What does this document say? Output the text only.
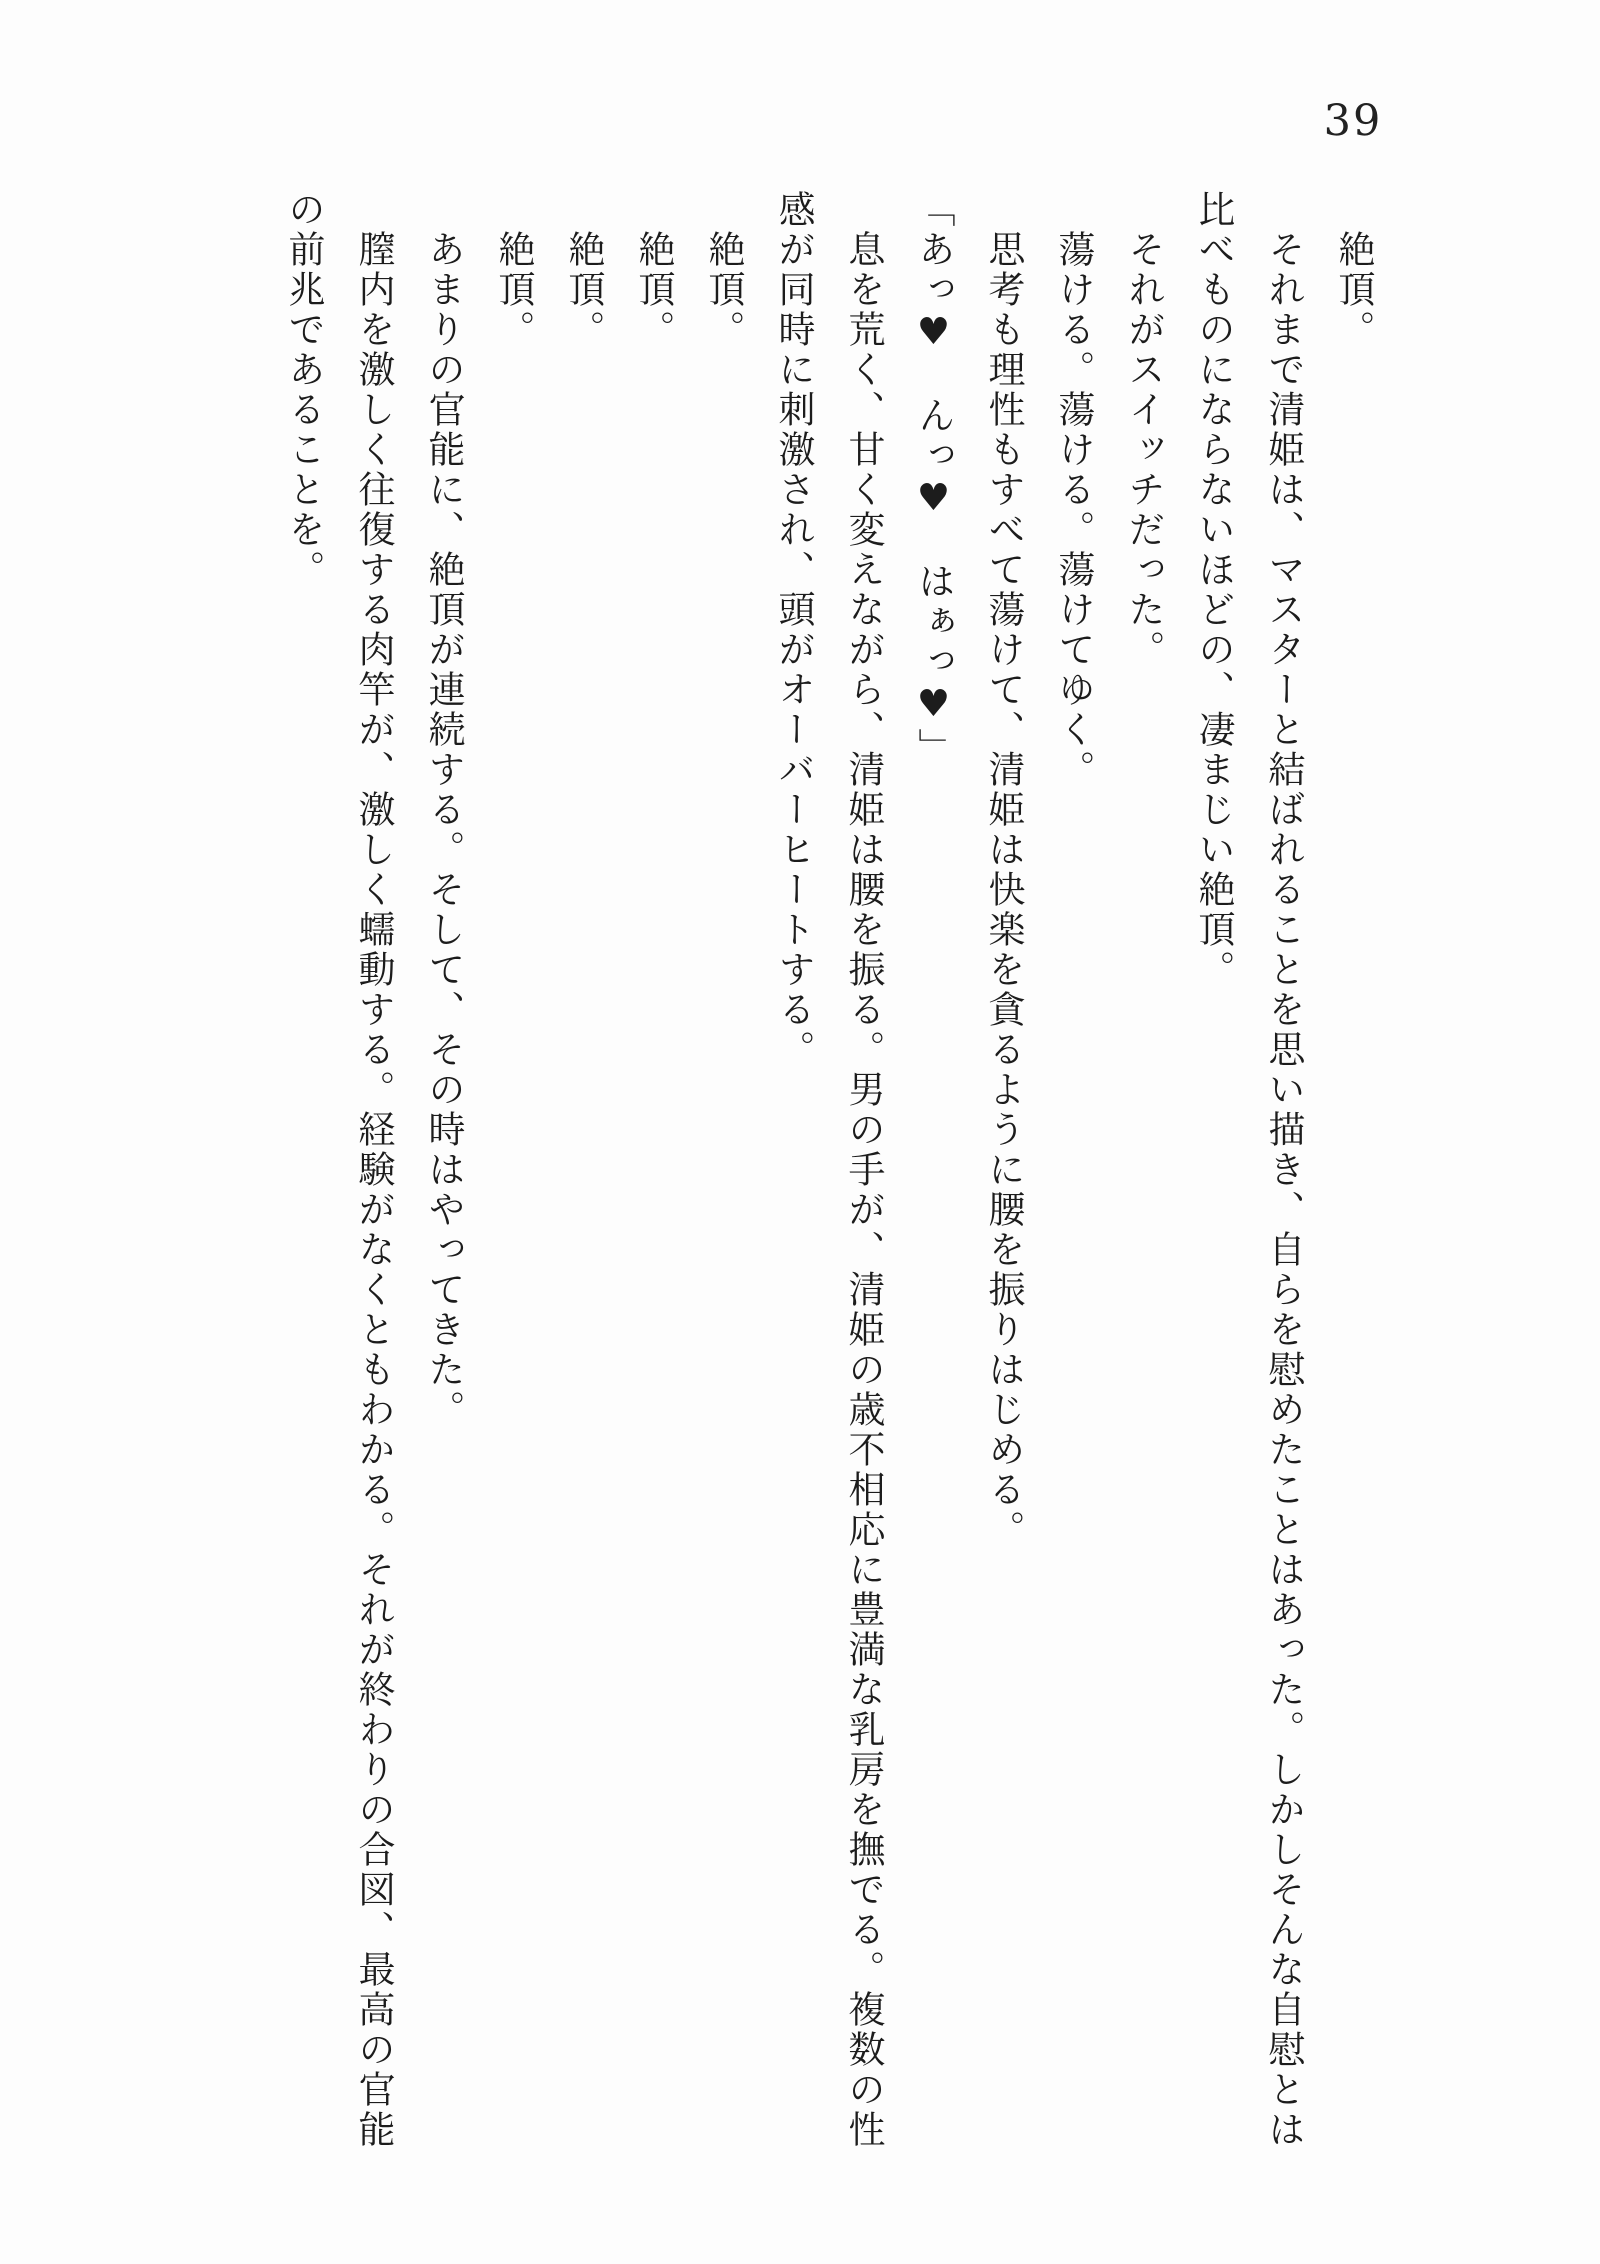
39

　絶頂。

　それまで清姫は、マスターと結ばれることを思い描き、自らを慰めたことはあった。しかしそんな自慰とは

比べものにならないほどの、凄まじい絶頂。

　それがスイッチだった。

　蕩ける。蕩ける。蕩けてゆく。

　思考も理性もすべて蕩けて、清姫は快楽を貪るように腰を振りはじめる。

「あっ♥　んっ♥　はぁっ♥」

　息を荒く、甘く変えながら、清姫は腰を振る。男の手が、清姫の歳不相応に豊満な乳房を撫でる。複数の性

感が同時に刺激され、頭がオーバーヒートする。

　絶頂。

　絶頂。

　絶頂。

　絶頂。

　あまりの官能に、絶頂が連続する。そして、その時はやってきた。

　膣内を激しく往復する肉竿が、激しく蠕動する。経験がなくともわかる。それが終わりの合図、最高の官能

の前兆であることを。
